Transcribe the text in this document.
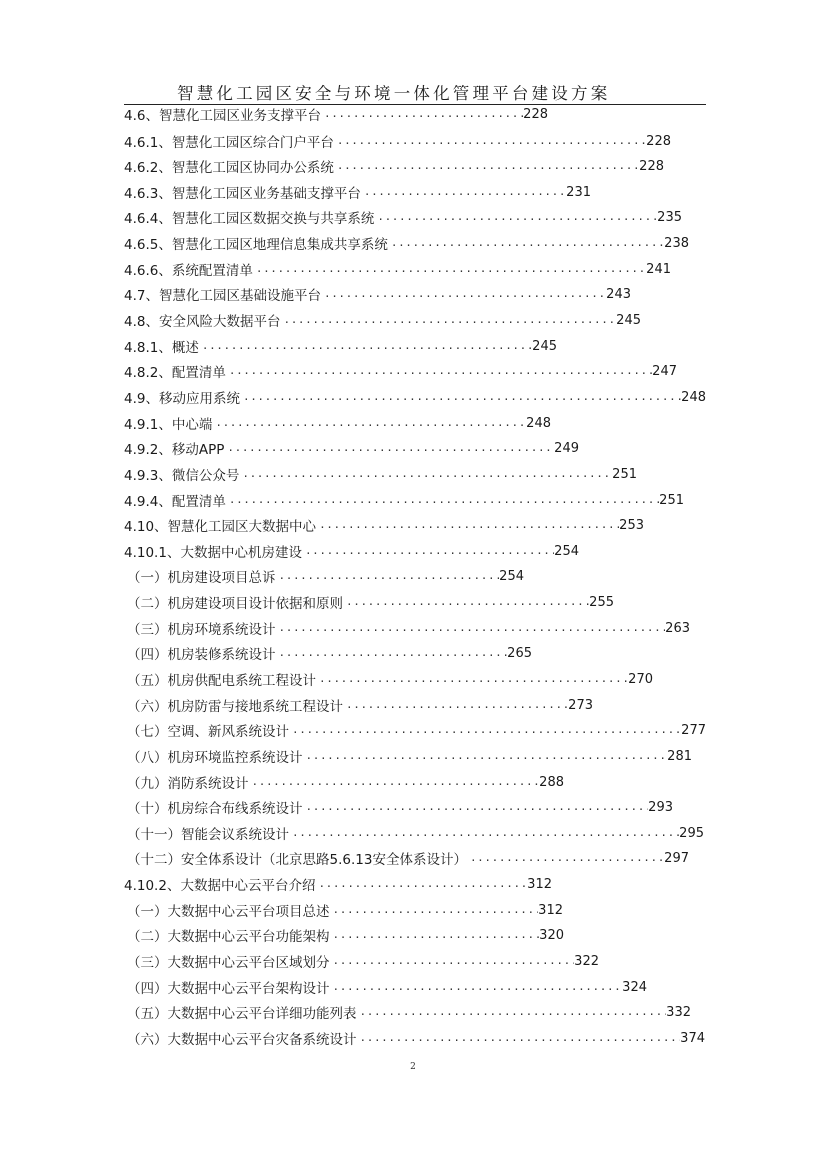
智慧化工园区安全与环境一体化管理平台建设方案
4.6、智慧化工园区业务支撑平台 .....	228
4.6.1、智慧化工园区综合门户平台 .....	228
4.6.2、智慧化工园区协同办公系统 .....	228
4.6.3、智慧化工园区业务基础支撑平台 .....	231
4.6.4、智慧化工园区数据交换与共享系统 .....	235
4.6.5、智慧化工园区地理信息集成共享系统 .....	238
4.6.6、系统配置清单 .....	241
4.7、智慧化工园区基础设施平台 .....	243
4.8、安全风险大数据平台 .....	245
4.8.1、概述 .....	245
4.8.2、配置清单 .....	247
4.9、移动应用系统 .....	248
4.9.1、中心端 .....	248
4.9.2、移动APP .....	249
4.9.3、微信公众号 .....	251
4.9.4、配置清单 .....	251
4.10、智慧化工园区大数据中心 .....	253
4.10.1、大数据中心机房建设 .....	254
（一）机房建设项目总诉 .....	254
（二）机房建设项目设计依据和原则 .....	255
（三）机房环境系统设计 .....	263
（四）机房装修系统设计 .....	265
（五）机房供配电系统工程设计 .....	270
（六）机房防雷与接地系统工程设计 .....	273
（七）空调、新风系统设计 .....	277
（八）机房环境监控系统设计 .....	281
（九）消防系统设计 .....	288
（十）机房综合布线系统设计 .....	293
（十一）智能会议系统设计 .....	295
（十二）安全体系设计（北京思路5.6.13安全体系设计） .....	297
4.10.2、大数据中心云平台介绍 .....	312
（一）大数据中心云平台项目总述 .....	312
（二）大数据中心云平台功能架构 .....	320
（三）大数据中心云平台区域划分 .....	322
（四）大数据中心云平台架构设计 .....	324
（五）大数据中心云平台详细功能列表 .....	332
（六）大数据中心云平台灾备系统设计 .....	374
2
